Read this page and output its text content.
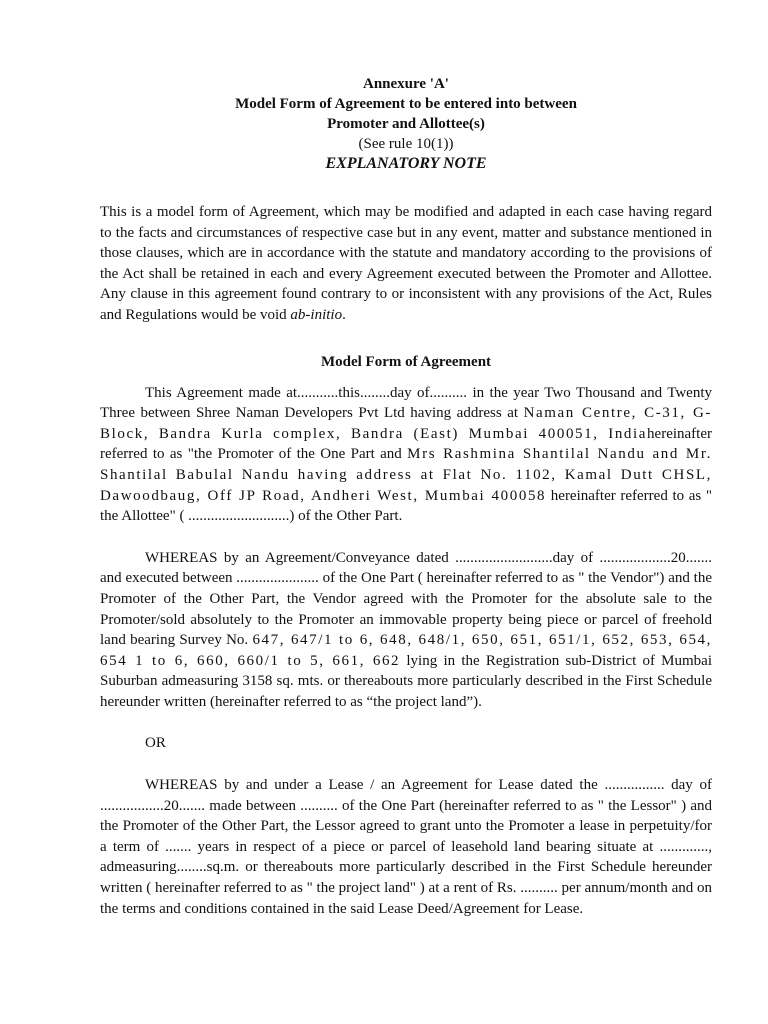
Annexure 'A'
Model Form of Agreement to be entered into between
Promoter and Allottee(s)
(See rule 10(1))
EXPLANATORY NOTE

This is a model form of Agreement, which may be modified and adapted in each case having regard to the facts and circumstances of respective case but in any event, matter and substance mentioned in those clauses, which are in accordance with the statute and mandatory according to the provisions of the Act shall be retained in each and every Agreement executed between the Promoter and Allottee. Any clause in this agreement found contrary to or inconsistent with any provisions of the Act, Rules and Regulations would be void ab-initio.

Model Form of Agreement

This Agreement made at...........this........day of.......... in the year Two Thousand and Twenty Three between Shree Naman Developers Pvt Ltd having address at Naman Centre, C-31, G-Block, Bandra Kurla complex, Bandra (East) Mumbai 400051, Indiahereinafter referred to as "the Promoter of the One Part and Mrs Rashmina Shantilal Nandu and Mr. Shantilal Babulal Nandu having address at Flat No. 1102, Kamal Dutt CHSL, Dawoodbaug, Off JP Road, Andheri West, Mumbai 400058 hereinafter referred to as " the Allottee" ( ...........................) of the Other Part.

WHEREAS by an Agreement/Conveyance dated ..........................day of ...................20....... and executed between ...................... of the One Part ( hereinafter referred to as " the Vendor") and the Promoter of the Other Part, the Vendor agreed with the Promoter for the absolute sale to the Promoter/sold absolutely to the Promoter an immovable property being piece or parcel of freehold land bearing Survey No. 647, 647/1 to 6, 648, 648/1, 650, 651, 651/1, 652, 653, 654, 654 1 to 6, 660, 660/1 to 5, 661, 662 lying in the Registration sub-District of Mumbai Suburban admeasuring 3158 sq. mts. or thereabouts more particularly described in the First Schedule hereunder written (hereinafter referred to as “the project land”).

OR

WHEREAS by and under a Lease / an Agreement for Lease dated the ................ day of .................20....... made between .......... of the One Part (hereinafter referred to as " the Lessor" ) and the Promoter of the Other Part, the Lessor agreed to grant unto the Promoter a lease in perpetuity/for a term of ....... years in respect of a piece or parcel of leasehold land bearing situate at ............., admeasuring........sq.m. or thereabouts more particularly described in the First Schedule hereunder written ( hereinafter referred to as " the project land" ) at a rent of Rs. .......... per annum/month and on the terms and conditions contained in the said Lease Deed/Agreement for Lease.
